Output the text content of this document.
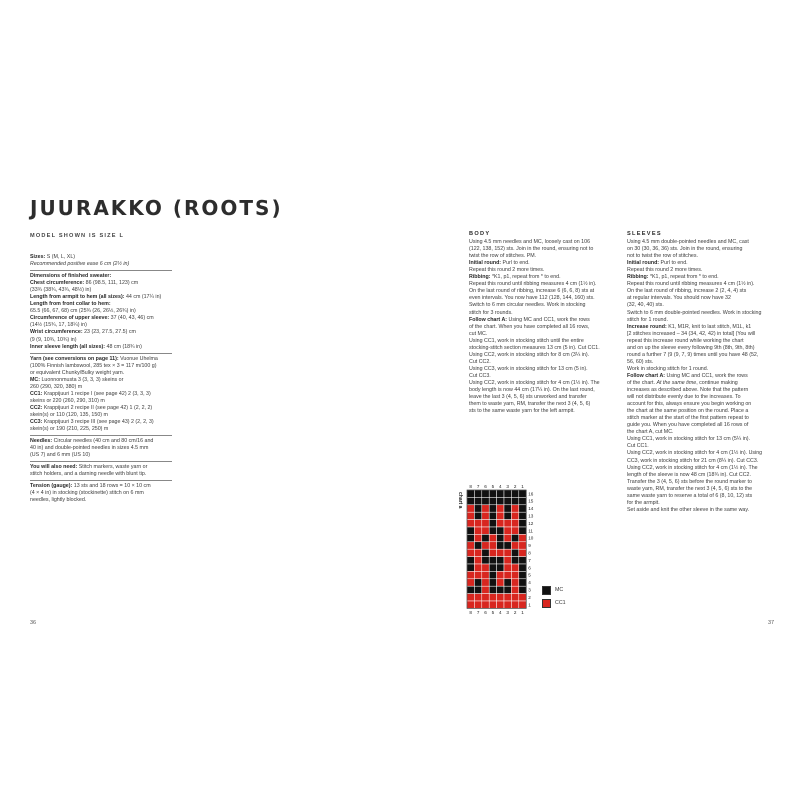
JUURAKKO (ROOTS)
MODEL SHOWN IS SIZE L

Sizes: S (M, L, XL)

Recommended positive ease 6 cm (2½ in)

Dimensions of finished sweater:

Chest circumference: 86 (98.5, 111, 123) cm

(33¾ (38¾, 43¾, 48½) in)

Length from armpit to hem (all sizes): 44 cm (17¼ in)

Length from front collar to hem:

65.5 (66, 67, 68) cm (25¾ (26, 26½, 26¾) in)

Circumference of upper sleeve: 37 (40, 43, 46) cm

(14½ (15¾, 17, 18¼) in)

Wrist circumference: 23 (23, 27.5, 27.5) cm

(9 (9, 10¾, 10¾) in)

Inner sleeve length (all sizes): 48 cm (18¾ in)

Yarn (see conversions on page 11): Vuonue Uhelma

(100% Finnish lambswool, 285 tex × 3 = 117 m/100 g)

or equivalent Chunky/Bulky weight yarn.

MC: Luonnonmusta 3 (3, 3, 3) skeins or

260 (290, 320, 380) m

CC1: Krappijuuri 1 recipe I (see page 42) 2 (3, 3, 3)

skeins or 220 (260, 290, 310) m

CC2: Krappijuuri 2 recipe II (see page 42) 1 (2, 2, 2)

skein(s) or 110 (120, 135, 150) m

CC3: Krappijuuri 3 recipe III (see page 43) 2 (2, 2, 3)

skein(s) or 190 (210, 225, 250) m

Needles: Circular needles (40 cm and 80 cm/16 and

40 in) and double-pointed needles in sizes 4.5 mm

(US 7) and 6 mm (US 10)

You will also need: Stitch markers, waste yarn or

stitch holders, and a darning needle with blunt tip.

Tension (gauge): 13 sts and 18 rows = 10 × 10 cm

(4 × 4 in) in stocking (stockinette) stitch on 6 mm

needles, lightly blocked.

BODY

Using 4.5 mm needles and MC, loosely cast on 106

(122, 138, 152) sts. Join in the round, ensuring not to

twist the row of stitches. PM.

Initial round: Purl to end.

Repeat this round 2 more times.

Ribbing: *K1, p1, repeat from * to end.

Repeat this round until ribbing measures 4 cm (1½ in).

On the last round of ribbing, increase 6 (6, 6, 8) sts at

even intervals. You now have 112 (128, 144, 160) sts.

Switch to 6 mm circular needles. Work in stocking

stitch for 3 rounds.

Follow chart A: Using MC and CC1, work the rows

of the chart. When you have completed all 16 rows,

cut MC.

Using CC1, work in stocking stitch until the entire

stocking-stitch section measures 13 cm (5 in). Cut CC1.

Using CC2, work in stocking stitch for 8 cm (3¼ in).

Cut CC2.

Using CC3, work in stocking stitch for 13 cm (5 in).

Cut CC3.

Using CC2, work in stocking stitch for 4 cm (1½ in). The

body length is now 44 cm (17¼ in). On the last round,

leave the last 3 (4, 5, 6) sts unworked and transfer

them to waste yarn, RM, transfer the next 3 (4, 5, 6)

sts to the same waste yarn for the left armpit.

SLEEVES

Using 4.5 mm double-pointed needles and MC, cast

on 30 (30, 36, 36) sts. Join in the round, ensuring

not to twist the row of stitches.

Initial round: Purl to end.

Repeat this round 2 more times.

Ribbing: *K1, p1, repeat from * to end.

Repeat this round until ribbing measures 4 cm (1½ in).

On the last round of ribbing, increase 2 (2, 4, 4) sts

at regular intervals. You should now have 32

(32, 40, 40) sts.

Switch to 6 mm double-pointed needles. Work in stocking

stitch for 1 round.

Increase round: K1, M1R, knit to last stitch, M1L, k1

[2 stitches increased – 34 (34, 42, 42) in total] (You will

repeat this increase round while working the chart

and on up the sleeve every following 9th (8th, 9th, 8th)

round a further 7 (9 (9, 7, 9) times until you have 48 (52,

56, 60) sts.

Work in stocking stitch for 1 round.

Follow chart A: Using MC and CC1, work the rows

of the chart. At the same time, continue making

increases as described above. Note that the pattern

will not distribute evenly due to the increases. To

account for this, always ensure you begin working on

the chart at the same position on the round. Place a

stitch marker at the start of the first pattern repeat to

guide you. When you have completed all 16 rows of

the chart A, cut MC.

Using CC1, work in stocking stitch for 13 cm (5¼ in).

Cut CC1.

Using CC2, work in stocking stitch for 4 cm (1½ in). Using

CC3, work in stocking stitch for 21 cm (8¼ in). Cut CC3.

Using CC2, work in stocking stitch for 4 cm (1½ in). The

length of the sleeve is now 48 cm (18¾ in). Cut CC2.

Transfer the 3 (4, 5, 6) sts before the round marker to

waste yarn, RM, transfer the next 3 (4, 5, 6) sts to the

same waste yarn to reserve a total of 6 (8, 10, 12) sts

for the armpit.

Set aside and knit the other sleeve in the same way.

chart a
8
8
7
7
6
6
5
5
4
4
3
3
2
2
1
1
16
15
14
13
12
11
10
9
8
7
6
5
4
3
2
1
MC
CC1
36	37
